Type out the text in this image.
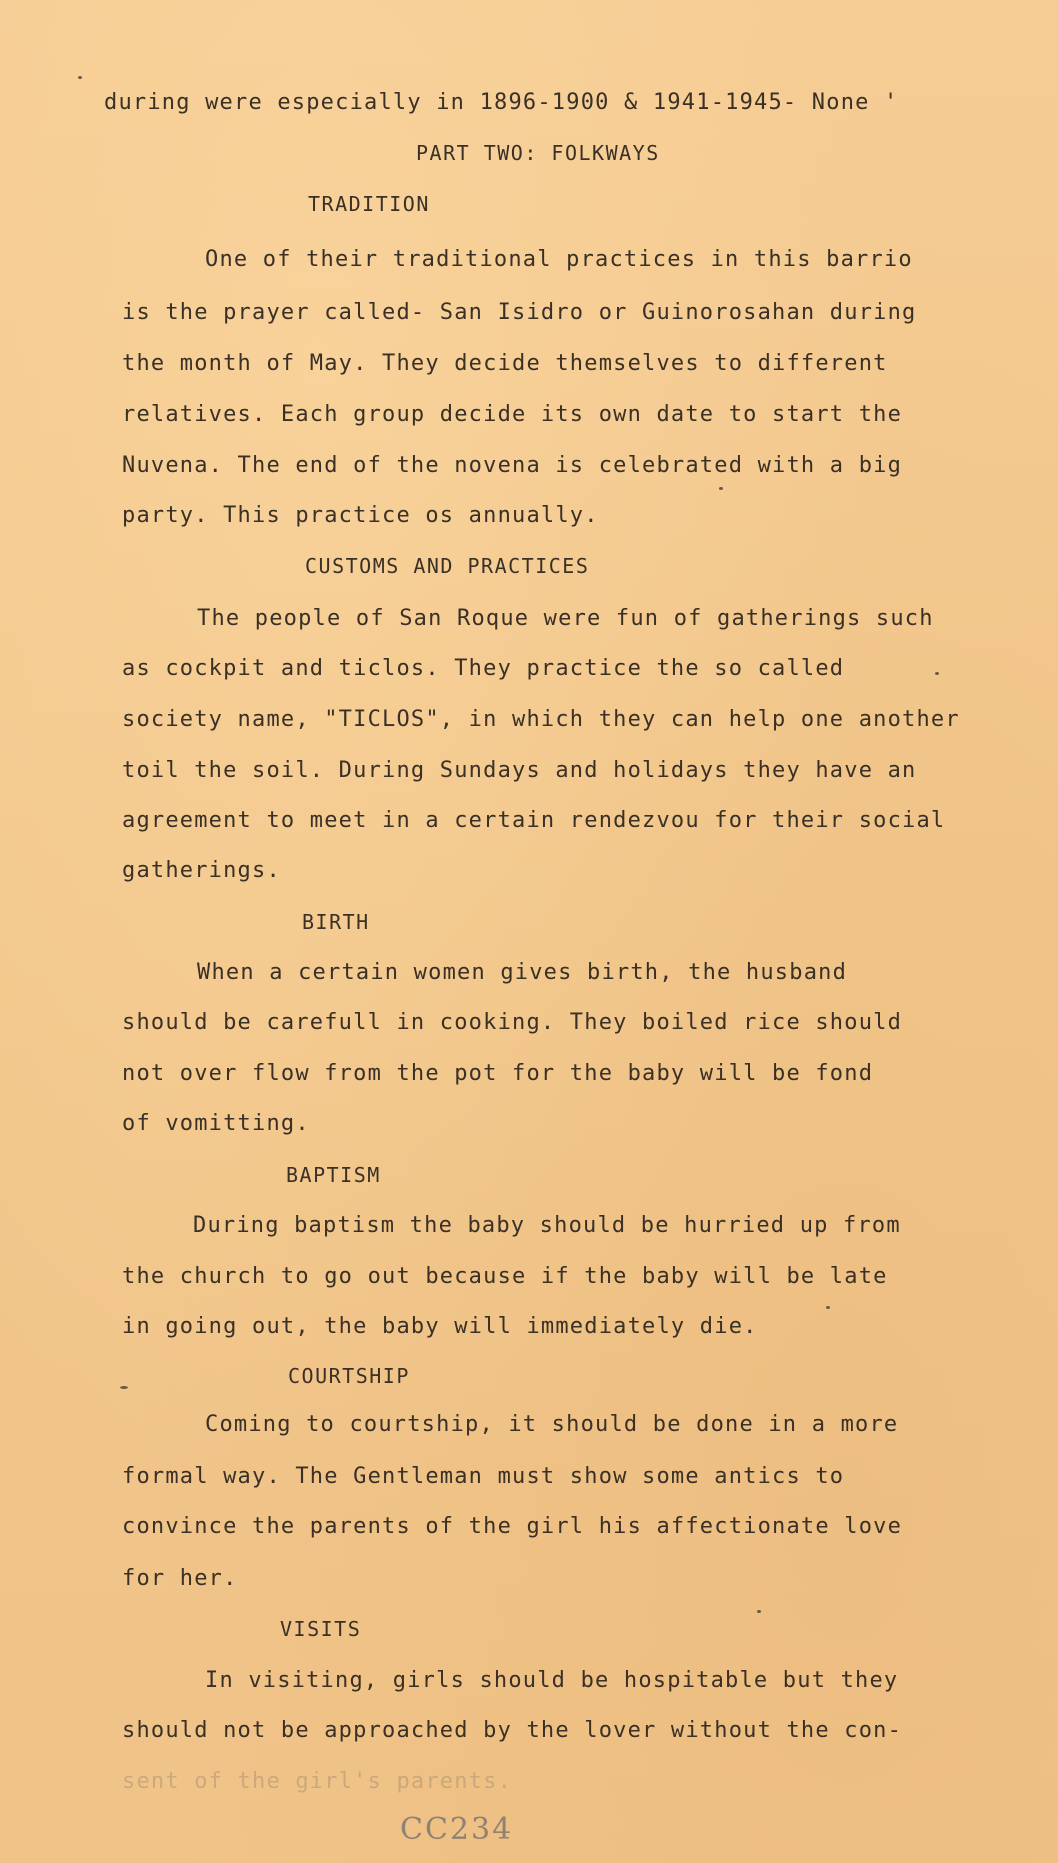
during were especially in 1896-1900 & 1941-1945- None '
PART TWO: FOLKWAYS
TRADITION
One of their traditional practices in this barrio
is the prayer called- San Isidro or Guinorosahan during
the month of May. They decide themselves to different
relatives. Each group decide its own date to start the
Nuvena. The end of the novena is celebrated with a big
party. This practice os annually.
CUSTOMS AND PRACTICES
The people of San Roque were fun of gatherings such
as cockpit and ticlos. They practice the so called
society name, "TICLOS", in which they can help one another
toil the soil. During Sundays and holidays they have an
agreement to meet in a certain rendezvou for their social
gatherings.
BIRTH
When a certain women gives birth, the husband
should be carefull in cooking. They boiled rice should
not over flow from the pot for the baby will be fond
of vomitting.
BAPTISM
During baptism the baby should be hurried up from
the church to go out because if the baby will be late
in going out, the baby will immediately die.
COURTSHIP
Coming to courtship, it should be done in a more
formal way. The Gentleman must show some antics to
convince the parents of the girl his affectionate love
for her.
VISITS
In visiting, girls should be hospitable but they
should not be approached by the lover without the con-
sent of the girl's parents.
CC234
